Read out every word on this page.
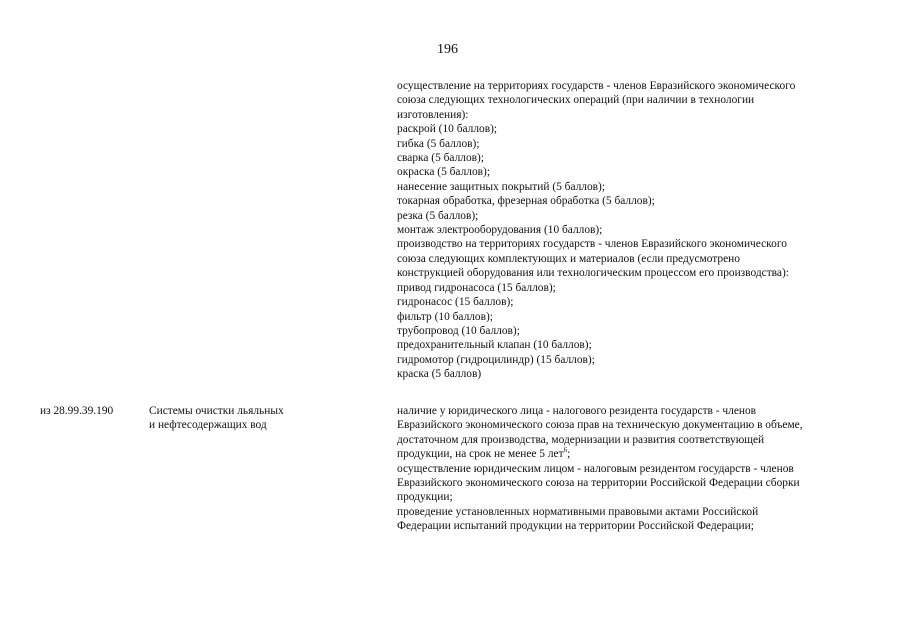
196
осуществление на территориях государств - членов Евразийского экономического
союза следующих технологических операций (при наличии в технологии
изготовления):
раскрой (10 баллов);
гибка (5 баллов);
сварка (5 баллов);
окраска (5 баллов);
нанесение защитных покрытий (5 баллов);
токарная обработка, фрезерная обработка (5 баллов);
резка (5 баллов);
монтаж электрооборудования (10 баллов);
производство на территориях государств - членов Евразийского экономического
союза следующих комплектующих и материалов (если предусмотрено
конструкцией оборудования или технологическим процессом его производства):
привод гидронасоса (15 баллов);
гидронасос (15 баллов);
фильтр (10 баллов);
трубопровод (10 баллов);
предохранительный клапан (10 баллов);
гидромотор (гидроцилиндр) (15 баллов);
краска (5 баллов)
из 28.99.39.190	Системы очистки льяльных
и нефтесодержащих вод
наличие у юридического лица - налогового резидента государств - членов
Евразийского экономического союза прав на техническую документацию в объеме,
достаточном для производства, модернизации и развития соответствующей
продукции, на срок не менее 5 лет$^6$;
осуществление юридическим лицом - налоговым резидентом государств - членов
Евразийского экономического союза на территории Российской Федерации сборки
продукции;
проведение установленных нормативными правовыми актами Российской
Федерации испытаний продукции на территории Российской Федерации;
